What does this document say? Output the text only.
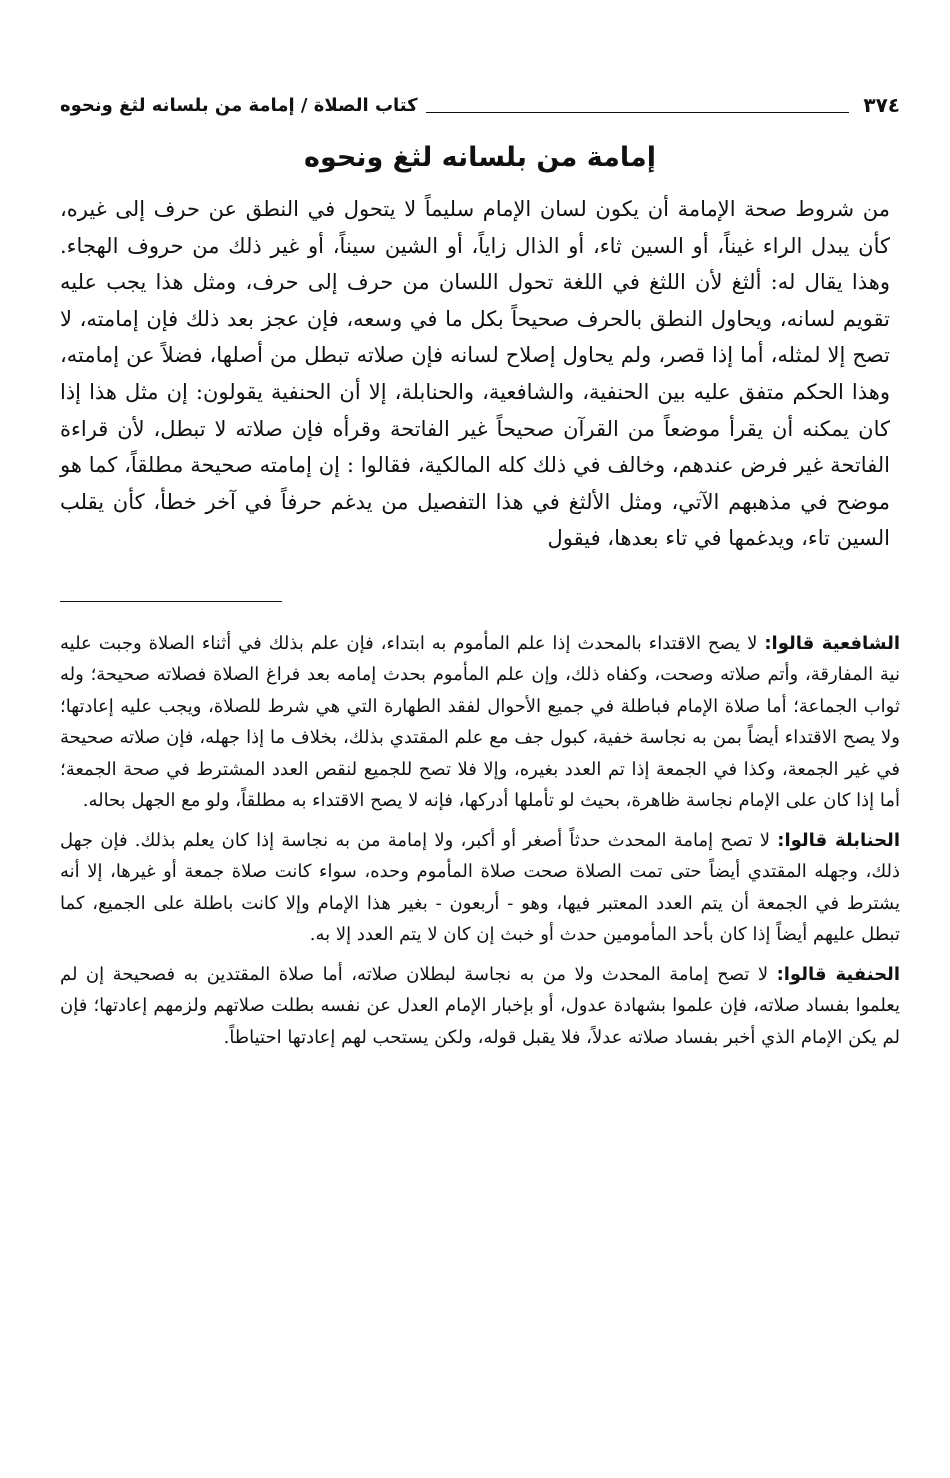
٣٧٤
كتاب الصلاة / إمامة من بلسانه لثغ ونحوه
إمامة من بلسانه لثغ ونحوه

من شروط صحة الإمامة أن يكون لسان الإمام سليماً لا يتحول في النطق عن حرف إلى غيره، كأن يبدل الراء غيناً، أو السين ثاء، أو الذال زاياً، أو الشين سيناً، أو غير ذلك من حروف الهجاء. وهذا يقال له: ألثغ لأن اللثغ في اللغة تحول اللسان من حرف إلى حرف، ومثل هذا يجب عليه تقويم لسانه، ويحاول النطق بالحرف صحيحاً بكل ما في وسعه، فإن عجز بعد ذلك فإن إمامته، لا تصح إلا لمثله، أما إذا قصر، ولم يحاول إصلاح لسانه فإن صلاته تبطل من أصلها، فضلاً عن إمامته، وهذا الحكم متفق عليه بين الحنفية، والشافعية، والحنابلة، إلا أن الحنفية يقولون: إن مثل هذا إذا كان يمكنه أن يقرأ موضعاً من القرآن صحيحاً غير الفاتحة وقرأه فإن صلاته لا تبطل، لأن قراءة الفاتحة غير فرض عندهم، وخالف في ذلك كله المالكية، فقالوا : إن إمامته صحيحة مطلقاً، كما هو موضح في مذهبهم الآتي، ومثل الألثغ في هذا التفصيل من يدغم حرفاً في آخر خطأ، كأن يقلب السين تاء، ويدغمها في تاء بعدها، فيقول

الشافعية قالوا: لا يصح الاقتداء بالمحدث إذا علم المأموم به ابتداء، فإن علم بذلك في أثناء الصلاة وجبت عليه نية المفارقة، وأتم صلاته وصحت، وكفاه ذلك، وإن علم المأموم بحدث إمامه بعد فراغ الصلاة فصلاته صحيحة؛ وله ثواب الجماعة؛ أما صلاة الإمام فباطلة في جميع الأحوال لفقد الطهارة التي هي شرط للصلاة، ويجب عليه إعادتها؛ ولا يصح الاقتداء أيضاً بمن به نجاسة خفية، كبول جف مع علم المقتدي بذلك، بخلاف ما إذا جهله، فإن صلاته صحيحة في غير الجمعة، وكذا في الجمعة إذا تم العدد بغيره، وإلا فلا تصح للجميع لنقص العدد المشترط في صحة الجمعة؛ أما إذا كان على الإمام نجاسة ظاهرة، بحيث لو تأملها أدركها، فإنه لا يصح الاقتداء به مطلقاً، ولو مع الجهل بحاله.

الحنابلة قالوا: لا تصح إمامة المحدث حدثاً أصغر أو أكبر، ولا إمامة من به نجاسة إذا كان يعلم بذلك. فإن جهل ذلك، وجهله المقتدي أيضاً حتى تمت الصلاة صحت صلاة المأموم وحده، سواء كانت صلاة جمعة أو غيرها، إلا أنه يشترط في الجمعة أن يتم العدد المعتبر فيها، وهو - أربعون - بغير هذا الإمام وإلا كانت باطلة على الجميع، كما تبطل عليهم أيضاً إذا كان بأحد المأمومين حدث أو خبث إن كان لا يتم العدد إلا به.

الحنفية قالوا: لا تصح إمامة المحدث ولا من به نجاسة لبطلان صلاته، أما صلاة المقتدين به فصحيحة إن لم يعلموا بفساد صلاته، فإن علموا بشهادة عدول، أو بإخبار الإمام العدل عن نفسه بطلت صلاتهم ولزمهم إعادتها؛ فإن لم يكن الإمام الذي أخبر بفساد صلاته عدلاً، فلا يقبل قوله، ولكن يستحب لهم إعادتها احتياطاً.
